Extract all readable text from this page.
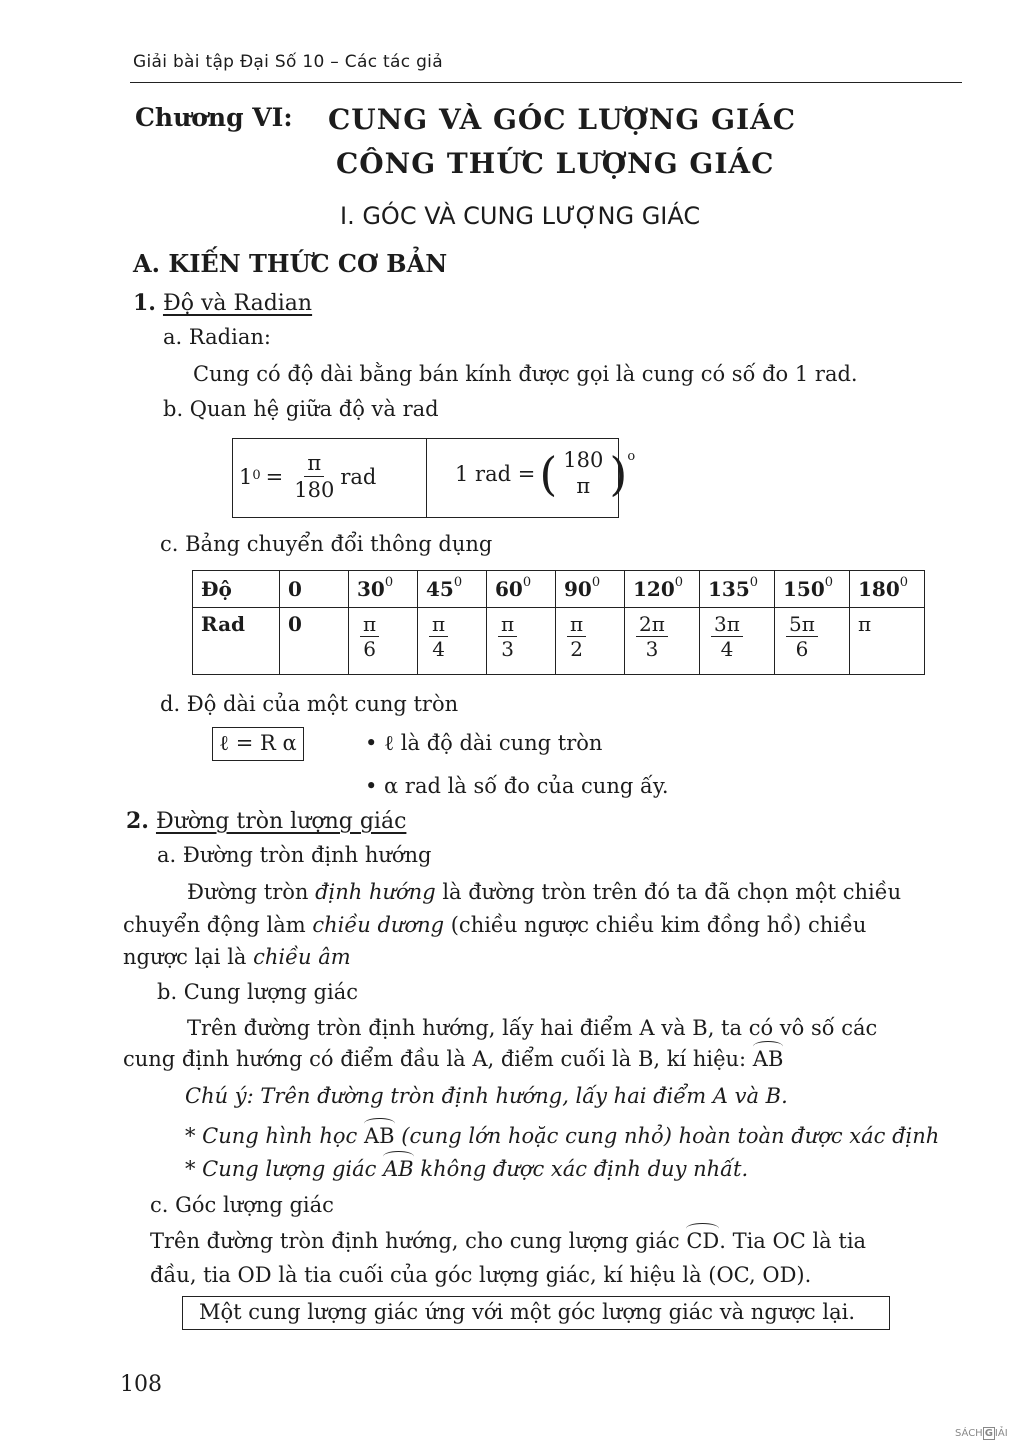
Giải bài tập Đại Số 10 – Các tác giả
Chương VI: CUNG VÀ GÓC LƯỢNG GIÁC
CÔNG THỨC LƯỢNG GIÁC
I. GÓC VÀ CUNG LƯỢNG GIÁC
A. KIẾN THỨC CƠ BẢN
1. Độ và Radian
a. Radian:
Cung có độ dài bằng bán kính được gọi là cung có số đo 1 rad.
b. Quan hệ giữa độ và rad
1 $0 = \frac{\pi}{180}$ rad	1 rad = ( 180
π ) o
c. Bảng chuyển đổi thông dụng
Độ	0	$30^0$	$45^0$	$60^0$	$90^0$	$120^0$	$135^0$	$150^0$	$180^0$
Rad	0	$\frac{\pi}{6}$	$\frac{\pi}{4}$	$\frac{\pi}{3}$	$\frac{\pi}{2}$	$\frac{2\pi}{3}$	$\frac{3\pi}{4}$	$\frac{5\pi}{6}$	π
d. Độ dài của một cung tròn
ℓ = R α	• ℓ là độ dài cung tròn
• α rad là số đo của cung ấy.
2. Đường tròn lượng giác
a. Đường tròn định hướng
Đường tròn định hướng là đường tròn trên đó ta đã chọn một chiều
chuyển động làm chiều dương (chiều ngược chiều kim đồng hồ) chiều
ngược lại là chiều âm
b. Cung lượng giác
Trên đường tròn định hướng, lấy hai điểm A và B, ta có vô số các
cung định hướng có điểm đầu là A, điểm cuối là B, kí hiệu: AB
Chú ý: Trên đường tròn định hướng, lấy hai điểm A và B.
* Cung hình học AB (cung lớn hoặc cung nhỏ) hoàn toàn được xác định
* Cung lượng giác AB không được xác định duy nhất.
c. Góc lượng giác
Trên đường tròn định hướng, cho cung lượng giác CD. Tia OC là tia
đầu, tia OD là tia cuối của góc lượng giác, kí hiệu là (OC, OD).
Một cung lượng giác ứng với một góc lượng giác và ngược lại.
108
SÁCH G IẢI
